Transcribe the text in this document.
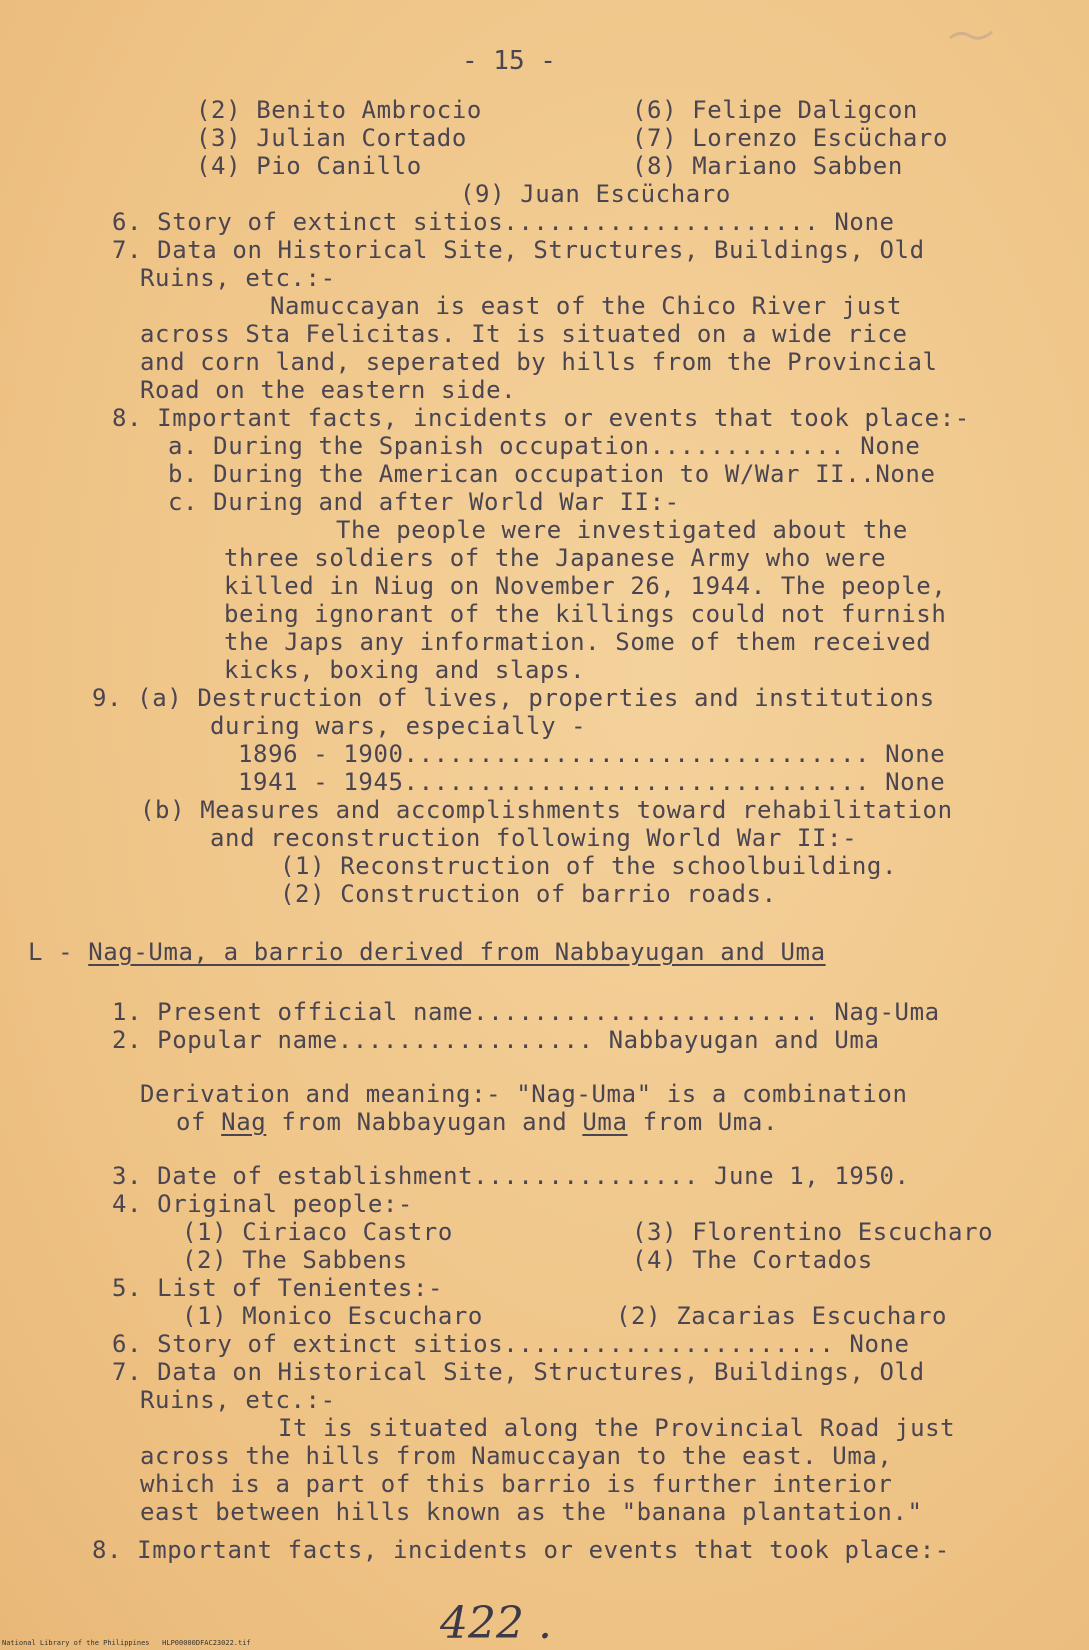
- 15 -
(2) Benito Ambrocio	(6) Felipe Daligcon
(3) Julian Cortado	(7) Lorenzo Escücharo
(4) Pio Canillo	(8) Mariano Sabben
(9) Juan Escücharo
6. Story of extinct sitios..................... None
7. Data on Historical Site, Structures, Buildings, Old
Ruins, etc.:-
Namuccayan is east of the Chico River just
across Sta Felicitas. It is situated on a wide rice
and corn land, seperated by hills from the Provincial
Road on the eastern side.
8. Important facts, incidents or events that took place:-
a. During the Spanish occupation............. None
b. During the American occupation to W/War II..None
c. During and after World War II:-
The people were investigated about the
three soldiers of the Japanese Army who were
killed in Niug on November 26, 1944. The people,
being ignorant of the killings could not furnish
the Japs any information. Some of them received
kicks, boxing and slaps.
9. (a) Destruction of lives, properties and institutions
during wars, especially -
1896 - 1900............................... None
1941 - 1945............................... None
(b) Measures and accomplishments toward rehabilitation
and reconstruction following World War II:-
(1) Reconstruction of the schoolbuilding.
(2) Construction of barrio roads.
L - Nag-Uma, a barrio derived from Nabbayugan and Uma
1. Present official name....................... Nag-Uma
2. Popular name................. Nabbayugan and Uma
Derivation and meaning:- "Nag-Uma" is a combination
of Nag from Nabbayugan and Uma from Uma.
3. Date of establishment............... June 1, 1950.
4. Original people:-
(1) Ciriaco Castro	(3) Florentino Escucharo
(2) The Sabbens	(4) The Cortados
5. List of Tenientes:-
(1) Monico Escucharo	(2) Zacarias Escucharo
6. Story of extinct sitios...................... None
7. Data on Historical Site, Structures, Buildings, Old
Ruins, etc.:-
It is situated along the Provincial Road just
across the hills from Namuccayan to the east. Uma,
which is a part of this barrio is further interior
east between hills known as the "banana plantation."
8. Important facts, incidents or events that took place:-
422 .
National Library of the Philippines   HLP00000DFAC23022.tif
